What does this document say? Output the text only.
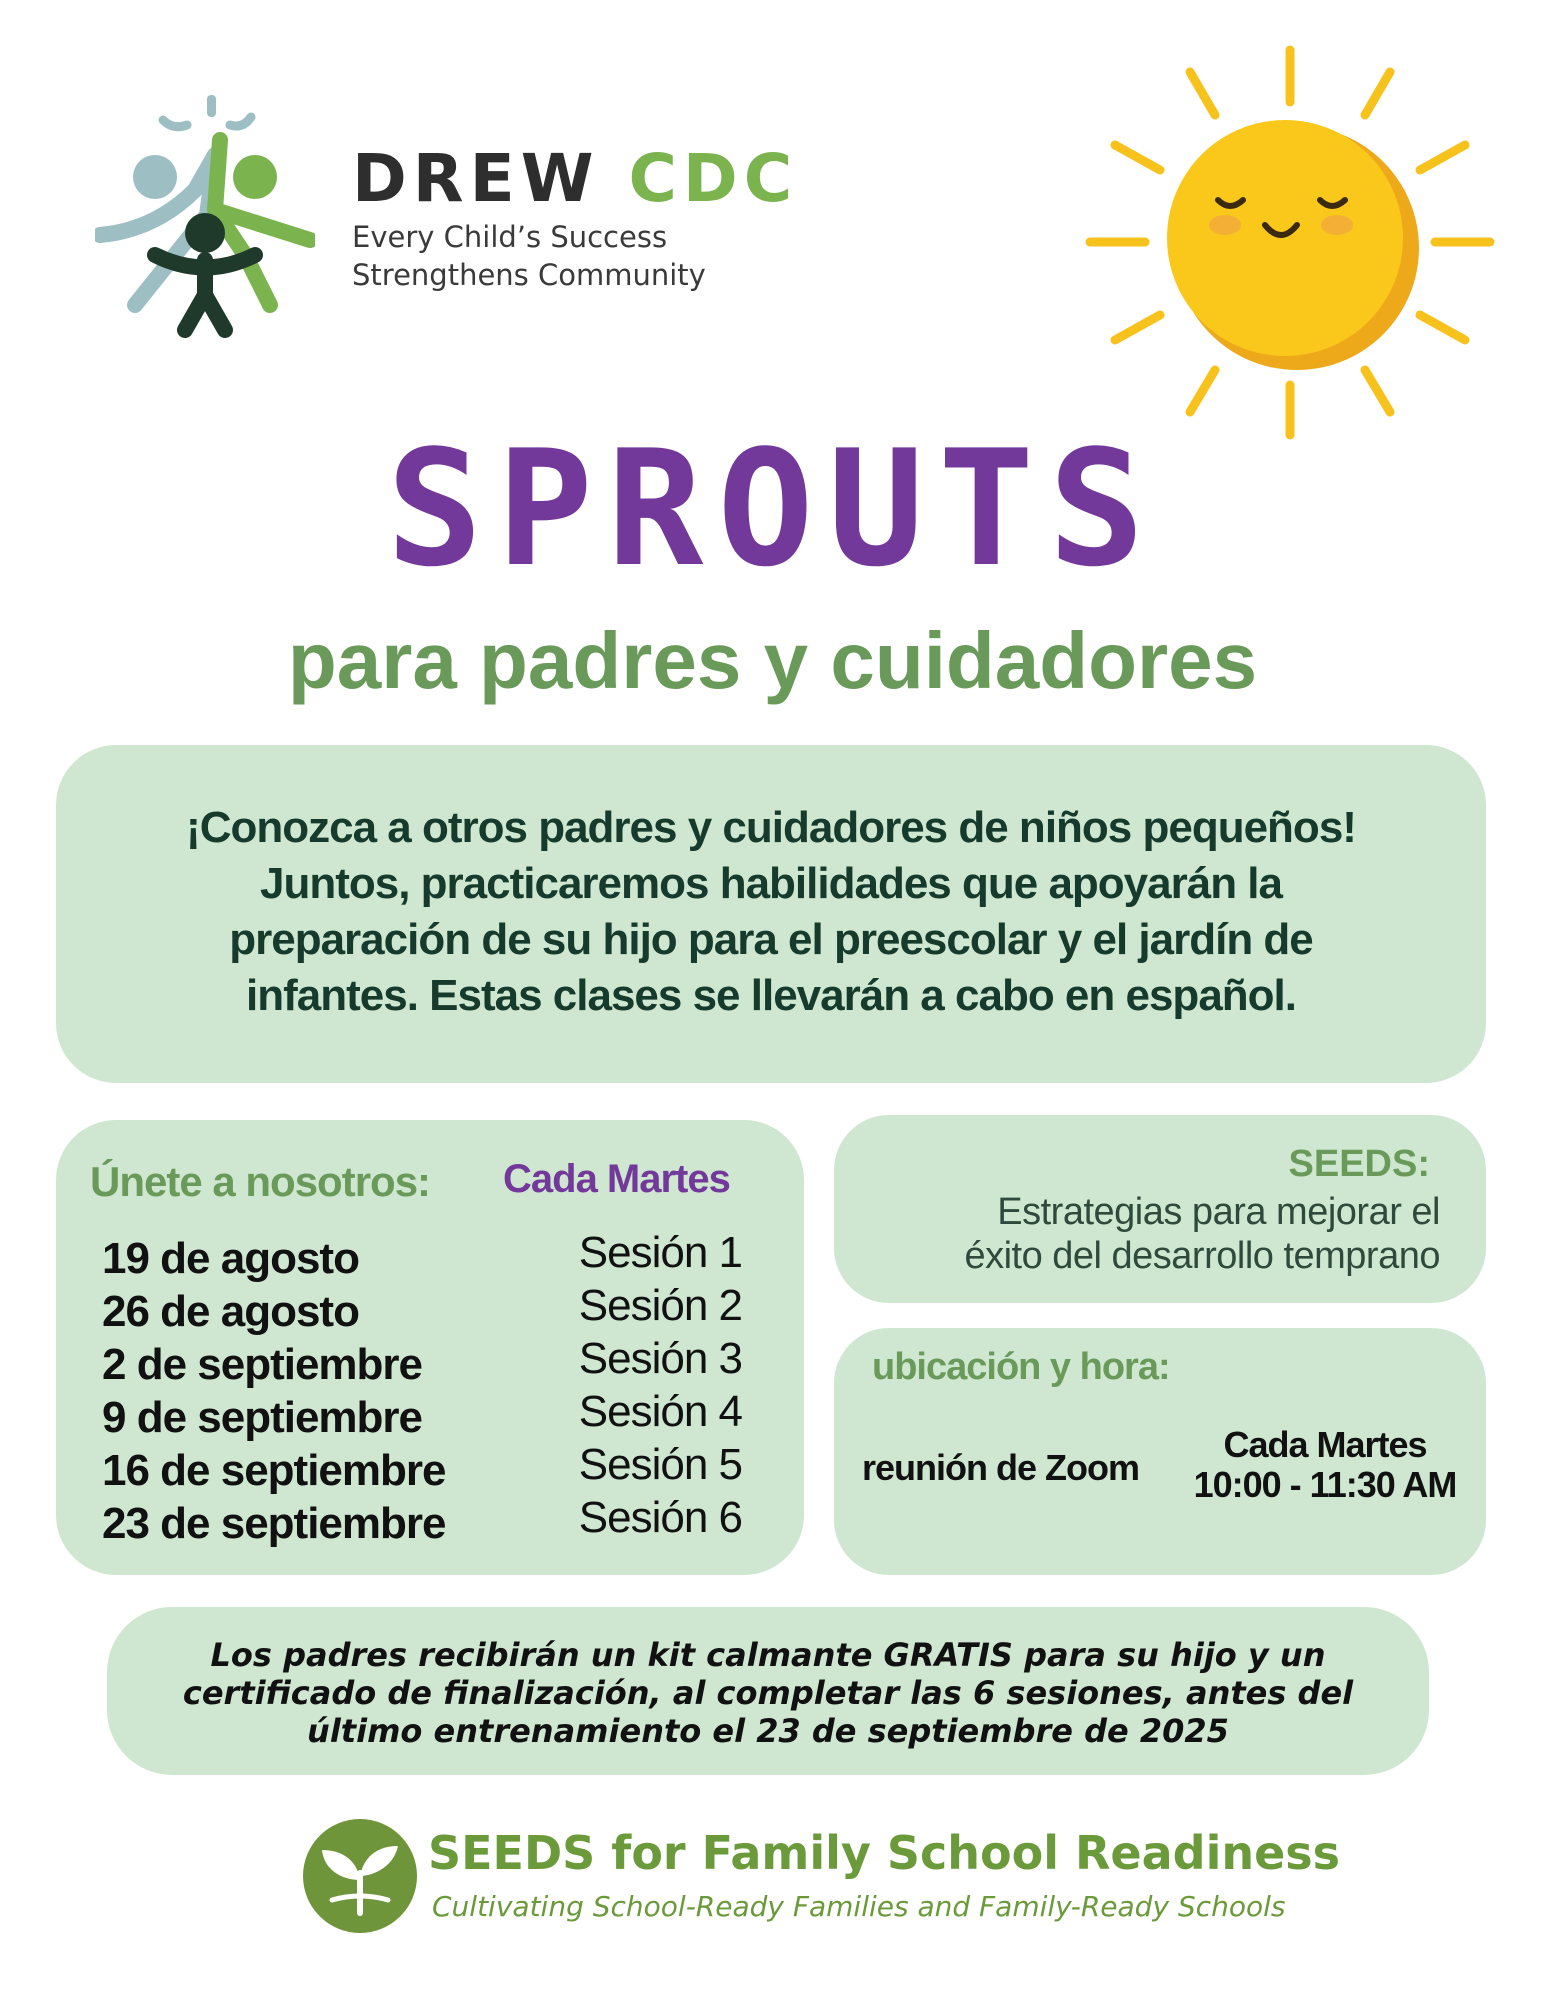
DREW CDC
Every Child’s Success
Strengthens Community
SPROUTS
para padres y cuidadores
¡Conozca a otros padres y cuidadores de niños pequeños!
Juntos, practicaremos habilidades que apoyarán la
preparación de su hijo para el preescolar y el jardín de
infantes. Estas clases se llevarán a cabo en español.
Únete a nosotros: Cada Martes
19 de agosto	Sesión 1
26 de agosto	Sesión 2
2 de septiembre	Sesión 3
9 de septiembre	Sesión 4
16 de septiembre	Sesión 5
23 de septiembre	Sesión 6
SEEDS:
Estrategias para mejorar el
éxito del desarrollo temprano
ubicación y hora:
reunión de Zoom
Cada Martes
10:00 - 11:30 AM
Los padres recibirán un kit calmante GRATIS para su hijo y un
certificado de finalización, al completar las 6 sesiones, antes del
último entrenamiento el 23 de septiembre de 2025
SEEDS for Family School Readiness
Cultivating School-Ready Families and Family-Ready Schools
